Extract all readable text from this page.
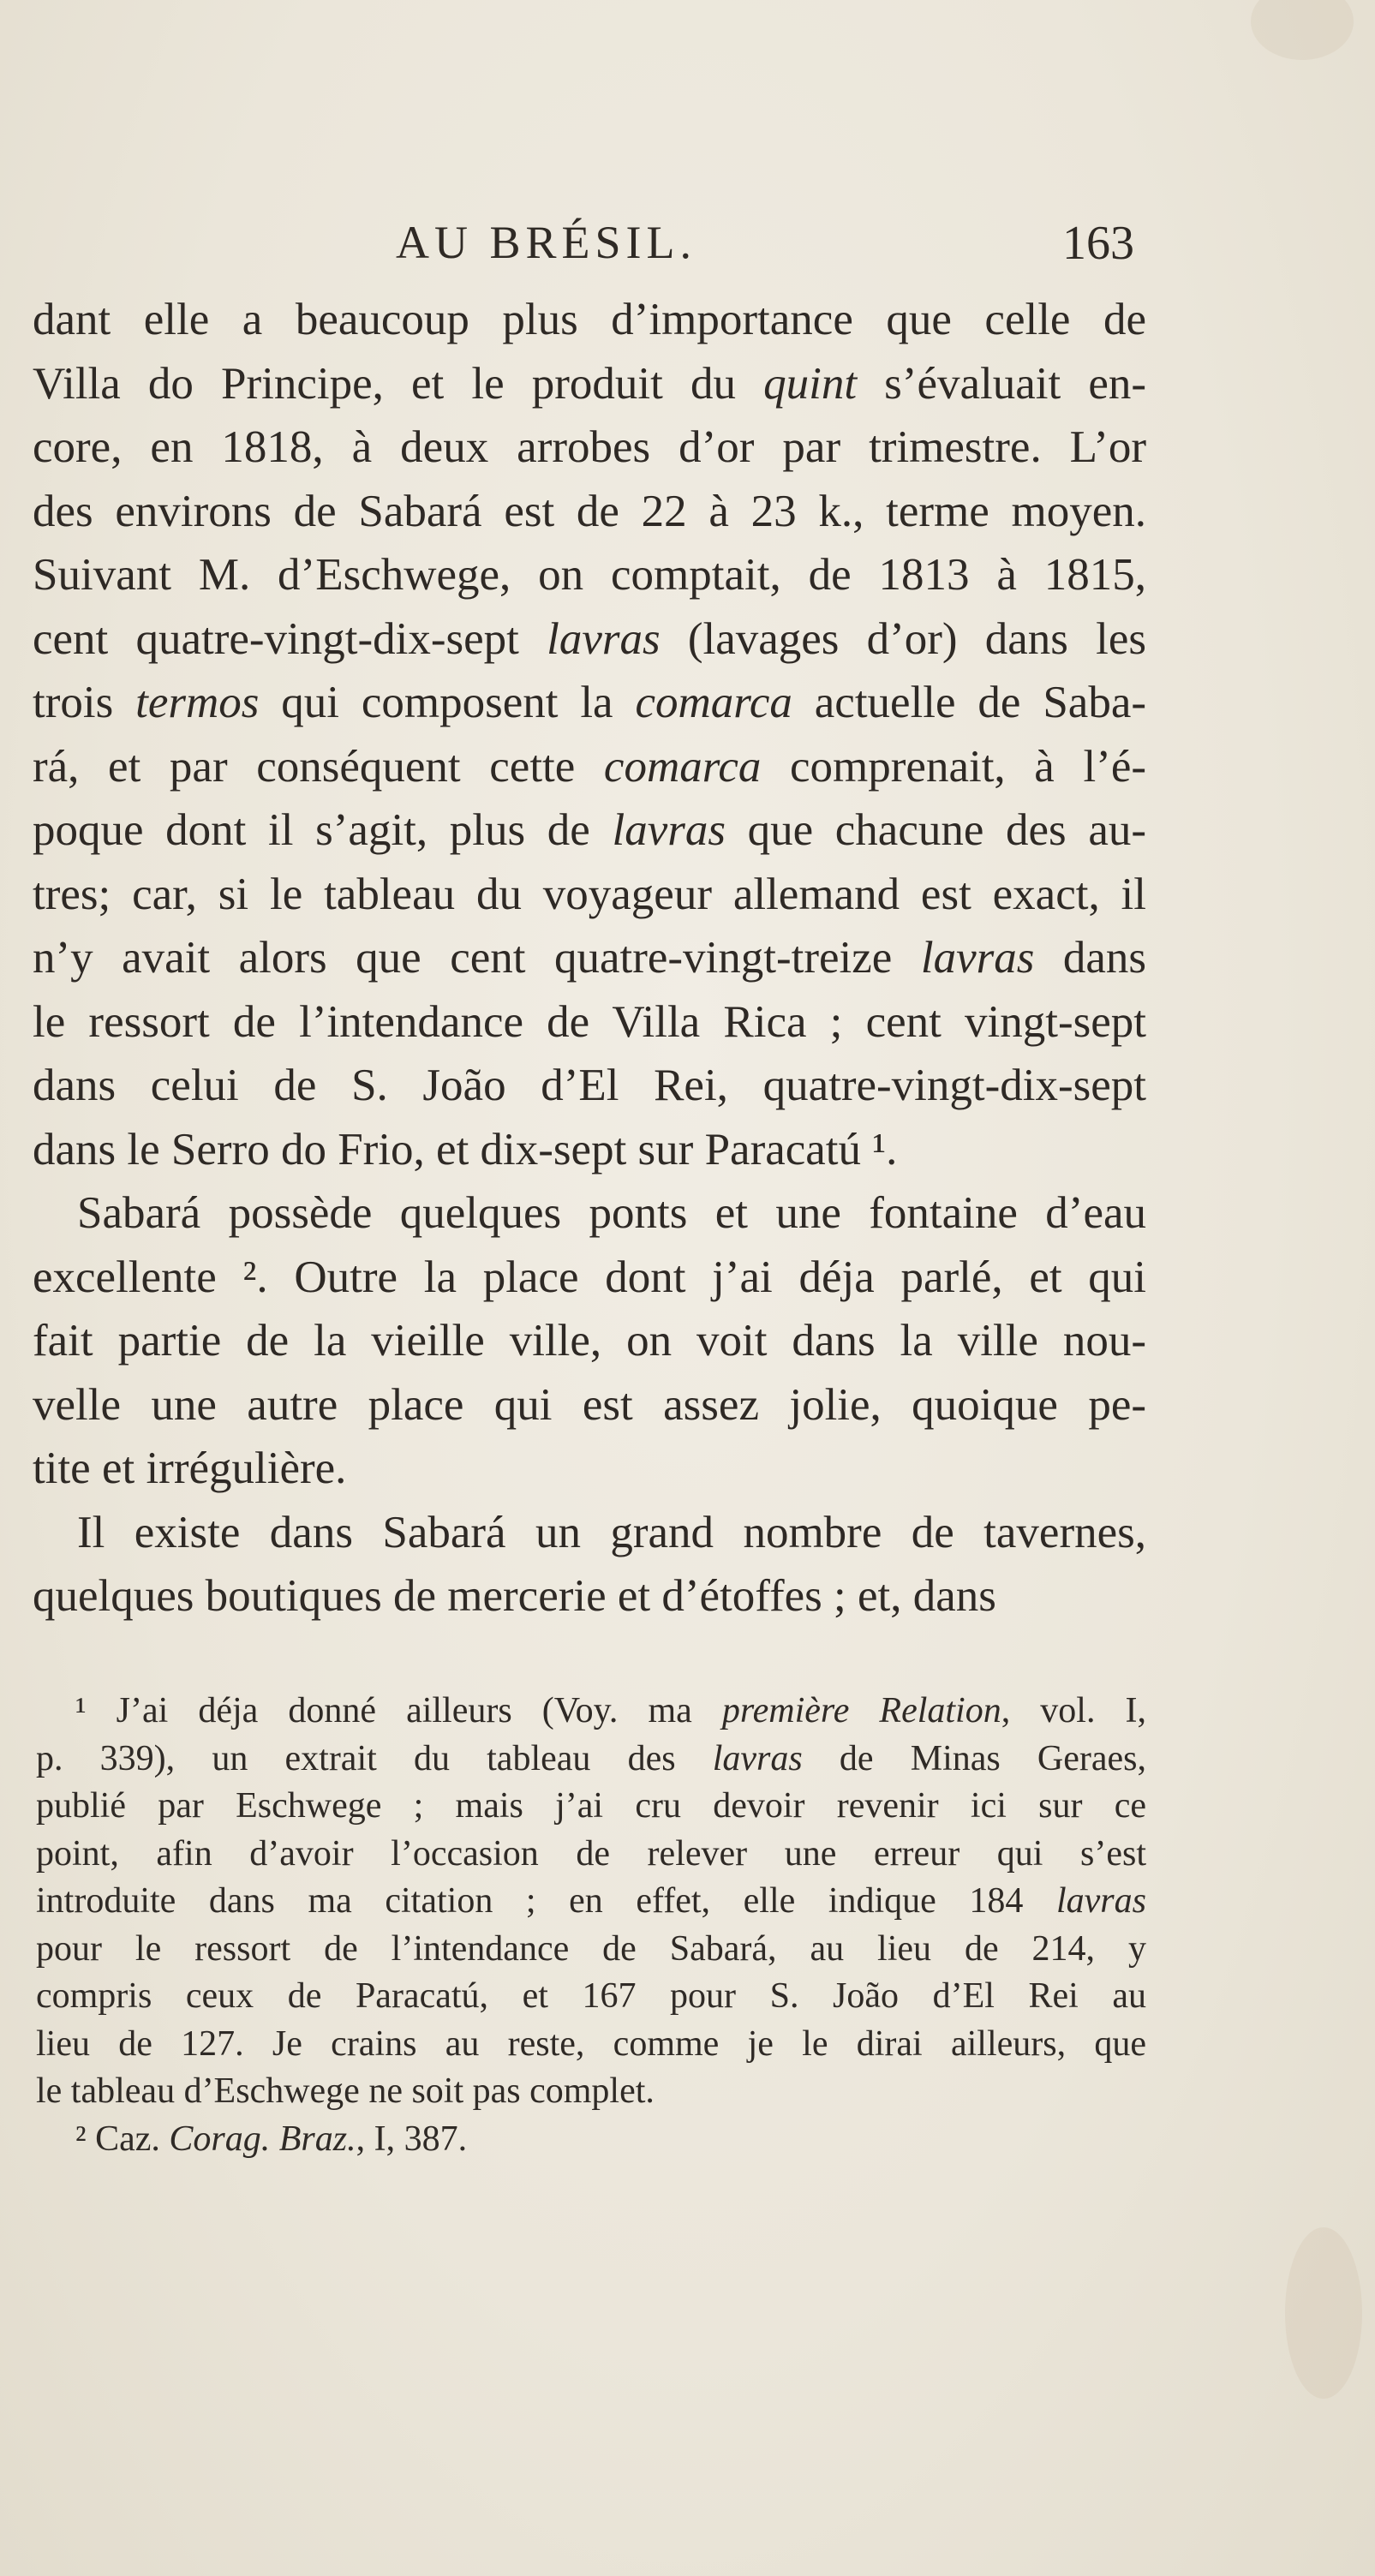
AU BRÉSIL.	163
dant elle a beaucoup plus d’importance que celle de
Villa do Principe, et le produit du quint s’évaluait en-
core, en 1818, à deux arrobes d’or par trimestre. L’or
des environs de Sabará est de 22 à 23 k., terme moyen.
Suivant M. d’Eschwege, on comptait, de 1813 à 1815,
cent quatre-vingt-dix-sept lavras (lavages d’or) dans les
trois termos qui composent la comarca actuelle de Saba-
rá, et par conséquent cette comarca comprenait, à l’é-
poque dont il s’agit, plus de lavras que chacune des au-
tres; car, si le tableau du voyageur allemand est exact, il
n’y avait alors que cent quatre-vingt-treize lavras dans
le ressort de l’intendance de Villa Rica ; cent vingt-sept
dans celui de S. João d’El Rei, quatre-vingt-dix-sept
dans le Serro do Frio, et dix-sept sur Paracatú ¹.
Sabará possède quelques ponts et une fontaine d’eau
excellente ². Outre la place dont j’ai déja parlé, et qui
fait partie de la vieille ville, on voit dans la ville nou-
velle une autre place qui est assez jolie, quoique pe-
tite et irrégulière.
Il existe dans Sabará un grand nombre de tavernes,
quelques boutiques de mercerie et d’étoffes ; et, dans
¹ J’ai déja donné ailleurs (Voy. ma première Relation, vol. I,
p. 339), un extrait du tableau des lavras de Minas Geraes,
publié par Eschwege ; mais j’ai cru devoir revenir ici sur ce
point, afin d’avoir l’occasion de relever une erreur qui s’est
introduite dans ma citation ; en effet, elle indique 184 lavras
pour le ressort de l’intendance de Sabará, au lieu de 214, y
compris ceux de Paracatú, et 167 pour S. João d’El Rei au
lieu de 127. Je crains au reste, comme je le dirai ailleurs, que
le tableau d’Eschwege ne soit pas complet.
² Caz. Corag. Braz., I, 387.
